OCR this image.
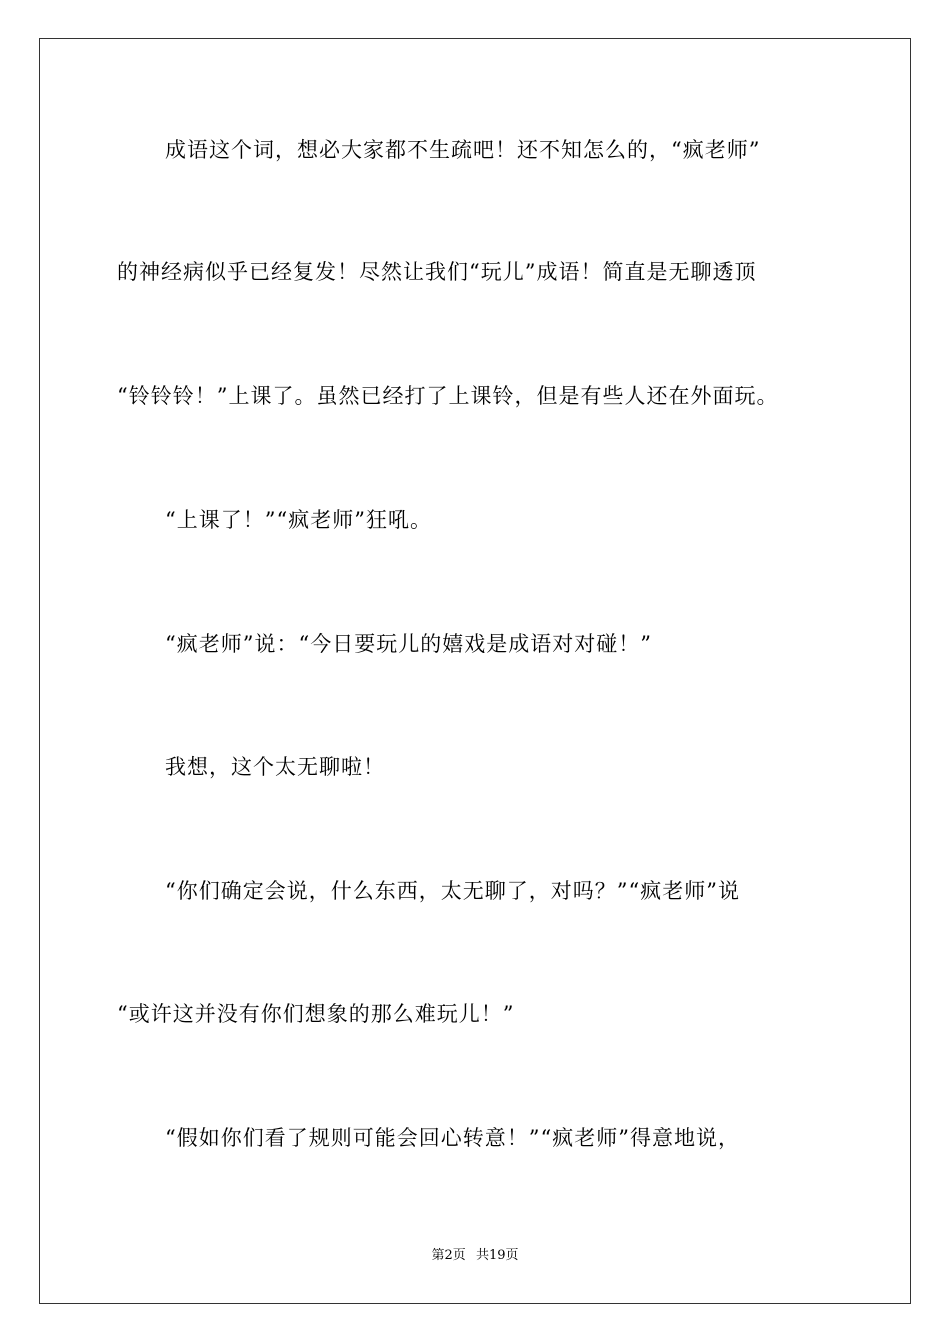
成语这个词，想必大家都不生疏吧！还不知怎么的，“疯老师”
的神经病似乎已经复发！尽然让我们“玩儿”成语！简直是无聊透顶
“铃铃铃！”上课了。虽然已经打了上课铃，但是有些人还在外面玩。
“上课了！”“疯老师”狂吼。
“疯老师”说：“今日要玩儿的嬉戏是成语对对碰！”
我想，这个太无聊啦！
“你们确定会说，什么东西，太无聊了，对吗？”“疯老师”说
“或许这并没有你们想象的那么难玩儿！”
“假如你们看了规则可能会回心转意！”“疯老师”得意地说，
第2页 共19页
